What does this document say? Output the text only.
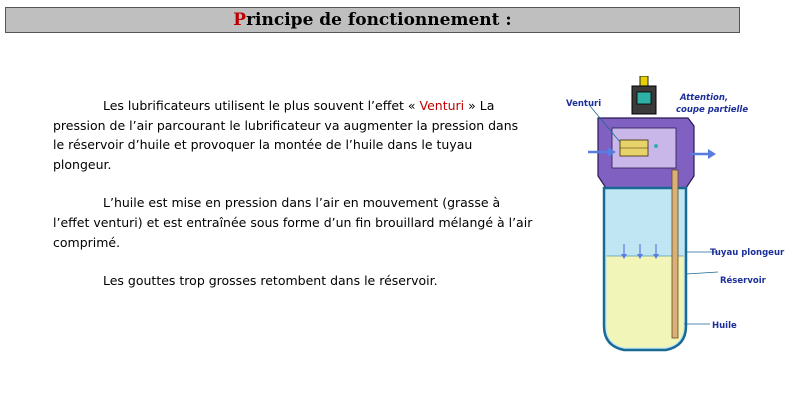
Principe de fonctionnement :

Les lubrificateurs utilisent le plus souvent l’effet « Venturi » La pression de l’air parcourant le lubrificateur va augmenter la pression dans le réservoir d’huile et provoquer la montée de l’huile dans le tuyau plongeur.

L’huile est mise en pression dans l’air en mouvement (grasse à l’effet venturi) et est entraînée sous forme d’un fin brouillard mélangé à l’air comprimé.

Les gouttes trop grosses retombent dans le réservoir.

Venturi
Attention,
coupe partielle
Tuyau plongeur
Réservoir
Huile
